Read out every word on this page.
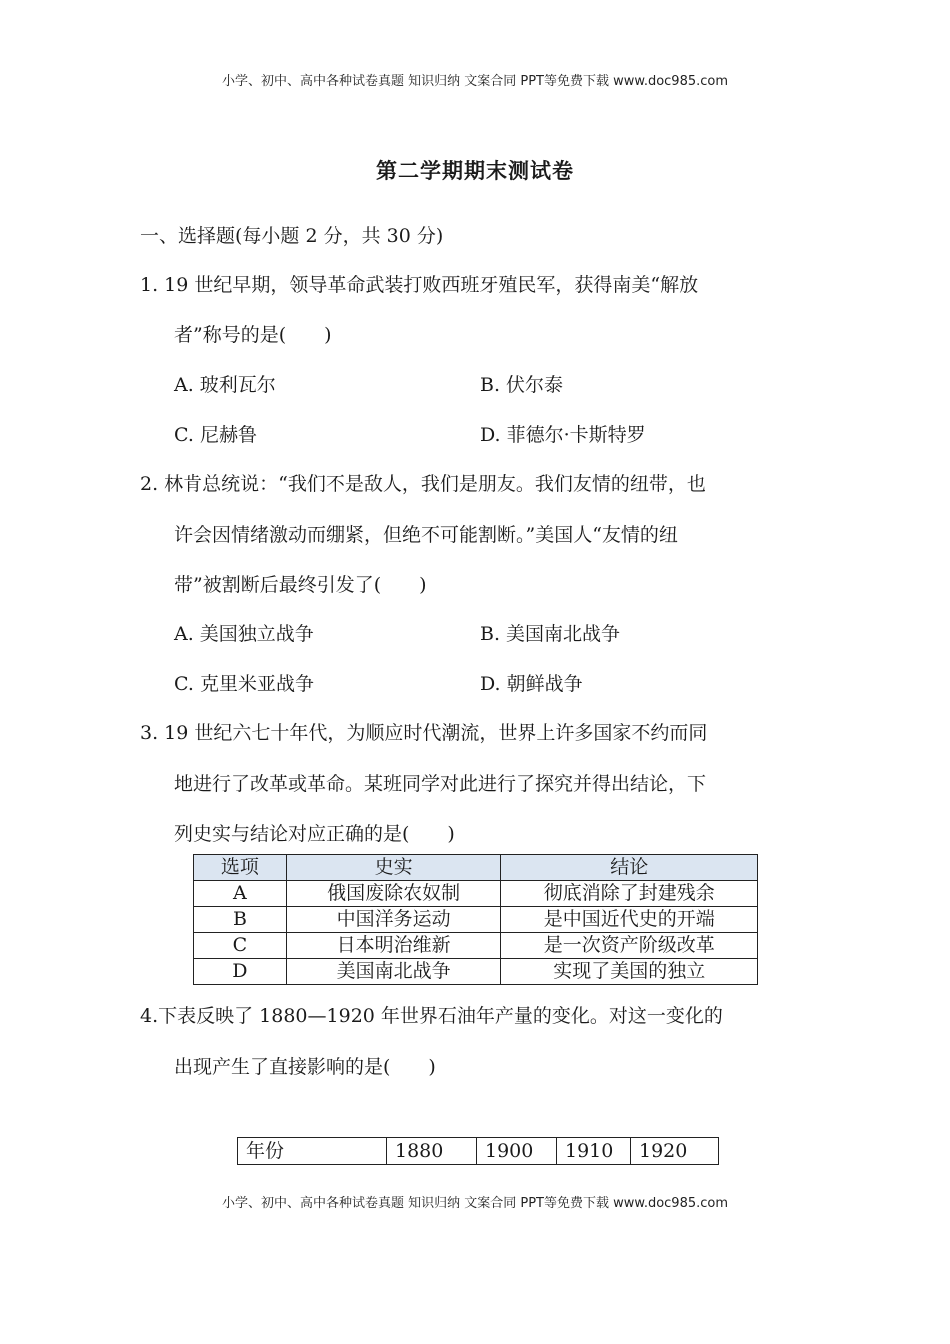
小学、初中、高中各种试卷真题 知识归纳 文案合同 PPT等免费下载 www.doc985.com
第二学期期末测试卷
一、选择题(每小题 2 分，共 30 分)
1. 19 世纪早期，领导革命武装打败西班牙殖民军，获得南美“解放
者”称号的是(　　)
A. 玻利瓦尔	B. 伏尔泰
C. 尼赫鲁	D. 菲德尔·卡斯特罗
2. 林肯总统说：“我们不是敌人，我们是朋友。我们友情的纽带，也
许会因情绪激动而绷紧，但绝不可能割断。”美国人“友情的纽
带”被割断后最终引发了(　　)
A. 美国独立战争	B. 美国南北战争
C. 克里米亚战争	D. 朝鲜战争
3. 19 世纪六七十年代，为顺应时代潮流，世界上许多国家不约而同
地进行了改革或革命。某班同学对此进行了探究并得出结论，下
列史实与结论对应正确的是(　　)
选项	史实	结论
A	俄国废除农奴制	彻底消除了封建残余
B	中国洋务运动	是中国近代史的开端
C	日本明治维新	是一次资产阶级改革
D	美国南北战争	实现了美国的独立
4.下表反映了 1880—1920 年世界石油年产量的变化。对这一变化的
出现产生了直接影响的是(　　)
年份	1880	1900	1910	1920
小学、初中、高中各种试卷真题 知识归纳 文案合同 PPT等免费下载 www.doc985.com
